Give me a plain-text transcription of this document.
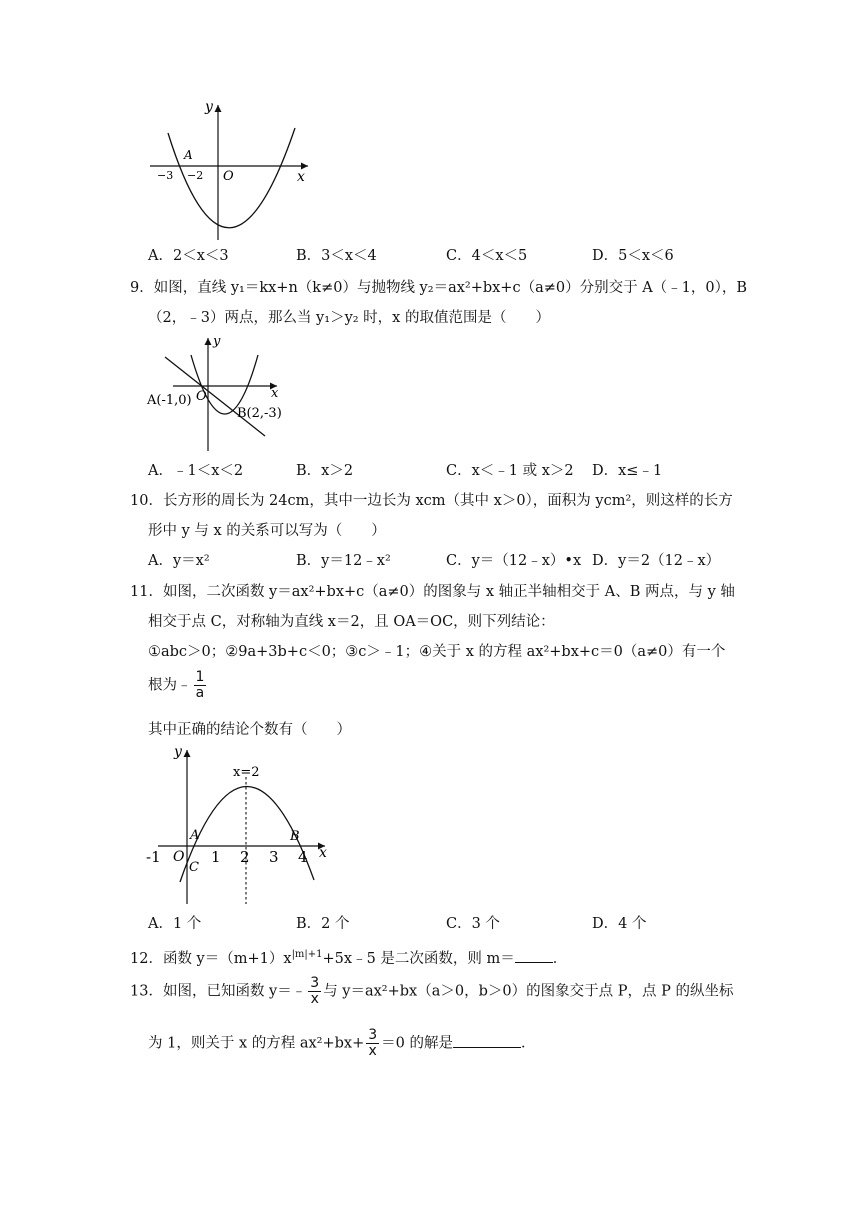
y
x
A
O
−3 −2
A．2＜x＜3	B．3＜x＜4	C．4＜x＜5	D．5＜x＜6
9．如图，直线 y₁＝kx+n（k≠0）与抛物线 y₂＝ax²+bx+c（a≠0）分别交于 A（﹣1，0），B
（2，﹣3）两点，那么当 y₁＞y₂ 时，x 的取值范围是（　　）
y
x
O
A(-1,0)
B(2,-3)
A．﹣1＜x＜2	B．x＞2	C．x＜﹣1 或 x＞2 D．x≤﹣1
10．长方形的周长为 24cm，其中一边长为 xcm（其中 x＞0），面积为 ycm²，则这样的长方
形中 y 与 x 的关系可以写为（　　）
A．y＝x²	B．y＝12﹣x²	C．y＝（12﹣x）•x D．y＝2（12﹣x）
11．如图，二次函数 y＝ax²+bx+c（a≠0）的图象与 x 轴正半轴相交于 A、B 两点，与 y 轴
相交于点 C，对称轴为直线 x＝2，且 OA＝OC，则下列结论：
①abc＞0；②9a+3b+c＜0；③c＞﹣1；④关于 x 的方程 ax²+bx+c＝0（a≠0）有一个
根为﹣ $\frac{1}{a}$
其中正确的结论个数有（　　）
y
x
x=2
A	B
C
O
-1	1 2 3 4
A．1 个	B．2 个	C．3 个	D．4 个
12．函数 $y=(m+1)x^{|m|+1}+5x﹣5$ 是二次函数，则 m＝	．
13．如图，已知函数 y＝﹣ $\frac{3}{x}$ 与 y＝ax²+bx（a＞0，b＞0）的图象交于点 P，点 P 的纵坐标
为 1，则关于 x 的方程 $ax^2+bx+ \frac{3}{x} =0$ 的解是	．
